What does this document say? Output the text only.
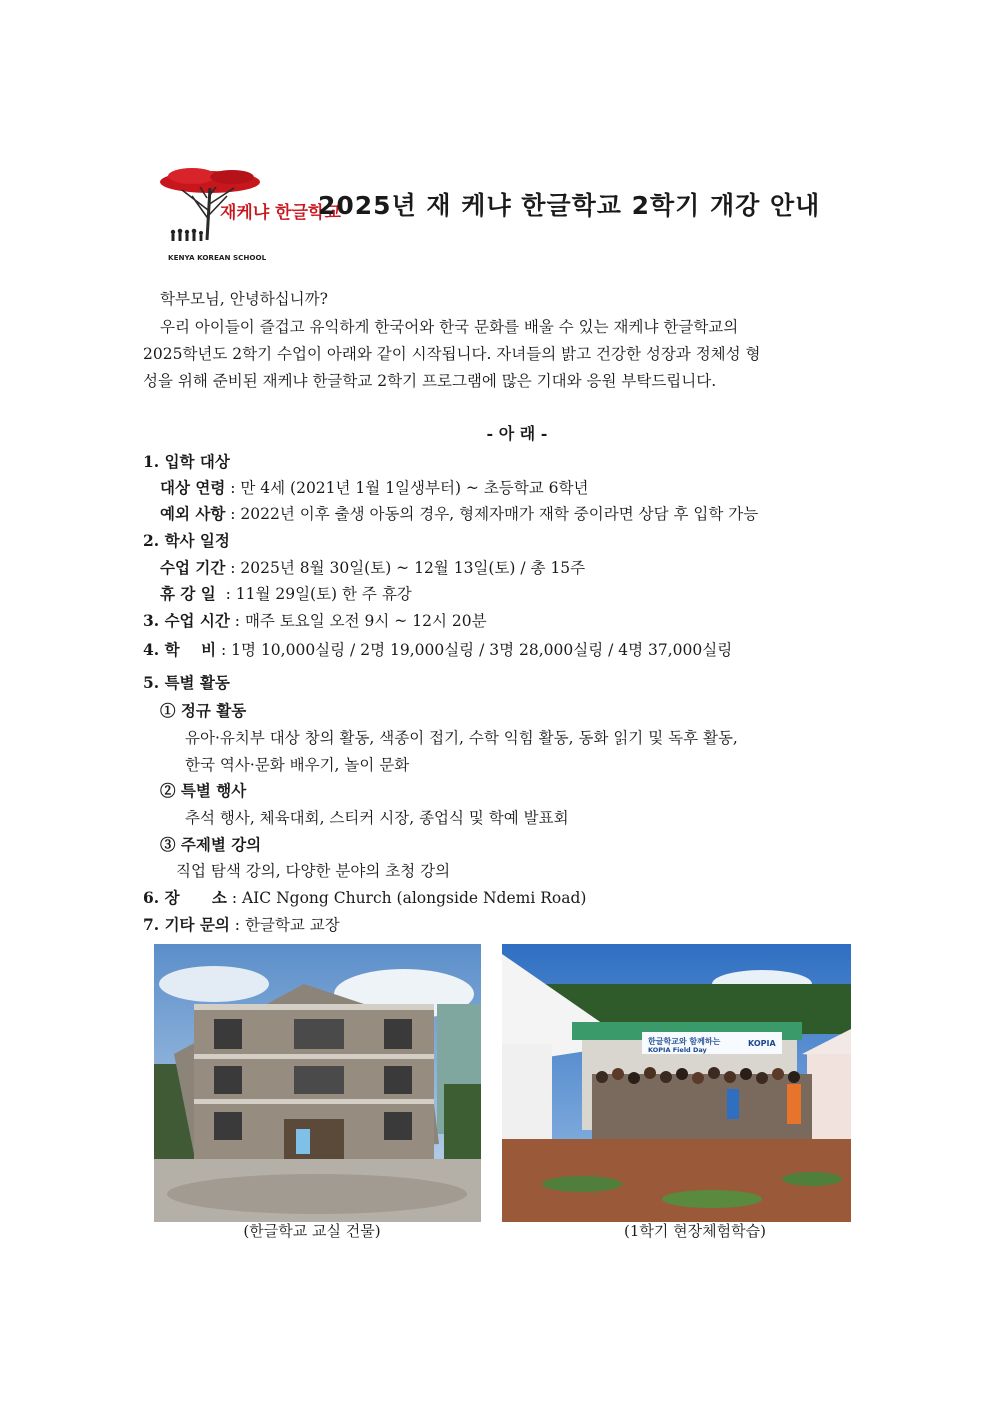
재케냐 한글학교
KENYA KOREAN SCHOOL
2025년 재 케냐 한글학교 2학기 개강 안내
학부모님, 안녕하십니까?
우리 아이들이 즐겁고 유익하게 한국어와 한국 문화를 배울 수 있는 재케냐 한글학교의
2025학년도 2학기 수업이 아래와 같이 시작됩니다. 자녀들의 밝고 건강한 성장과 정체성 형
성을 위해 준비된 재케냐 한글학교 2학기 프로그램에 많은 기대와 응원 부탁드립니다.
- 아 래 -
1. 입학 대상
대상 연령 : 만 4세 (2021년 1월 1일생부터) ~ 초등학교 6학년
예외 사항 : 2022년 이후 출생 아동의 경우, 형제자매가 재학 중이라면 상담 후 입학 가능
2. 학사 일정
수업 기간 : 2025년 8월 30일(토) ~ 12월 13일(토) / 총 15주
휴 강 일  : 11월 29일(토) 한 주 휴강
3. 수업 시간 : 매주 토요일 오전 9시 ~ 12시 20분
4. 학    비 : 1명 10,000실링 / 2명 19,000실링 / 3명 28,000실링 / 4명 37,000실링
5. 특별 활동
① 정규 활동
유아·유치부 대상 창의 활동, 색종이 접기, 수학 익힘 활동, 동화 읽기 및 독후 활동,
한국 역사·문화 배우기, 놀이 문화
② 특별 행사
추석 행사, 체육대회, 스티커 시장, 종업식 및 학예 발표회
③ 주제별 강의
직업 탐색 강의, 다양한 분야의 초청 강의
6. 장      소 : AIC Ngong Church (alongside Ndemi Road)
7. 기타 문의 : 한글학교 교장
(한글학교 교실 건물)
한글학교와 함께하는
KOPIA Field Day
KOPIA
(1학기 현장체험학습)
